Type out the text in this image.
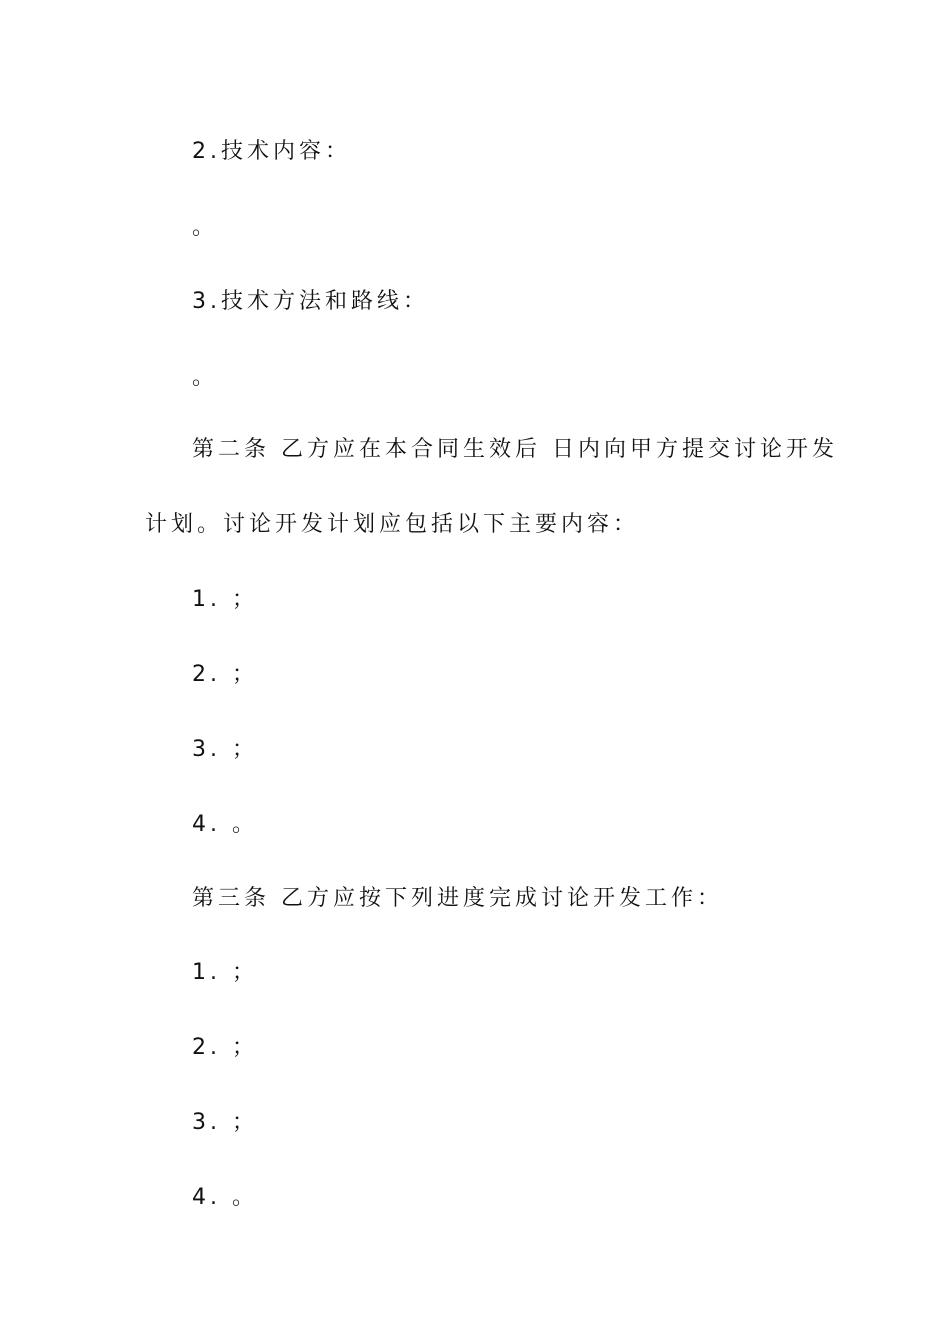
2.技术内容：
。
3.技术方法和路线：
。
第二条 乙方应在本合同生效后 日内向甲方提交讨论开发
计划。讨论开发计划应包括以下主要内容：
1. ；
2. ；
3. ；
4. 。
第三条 乙方应按下列进度完成讨论开发工作：
1. ；
2. ；
3. ；
4. 。
